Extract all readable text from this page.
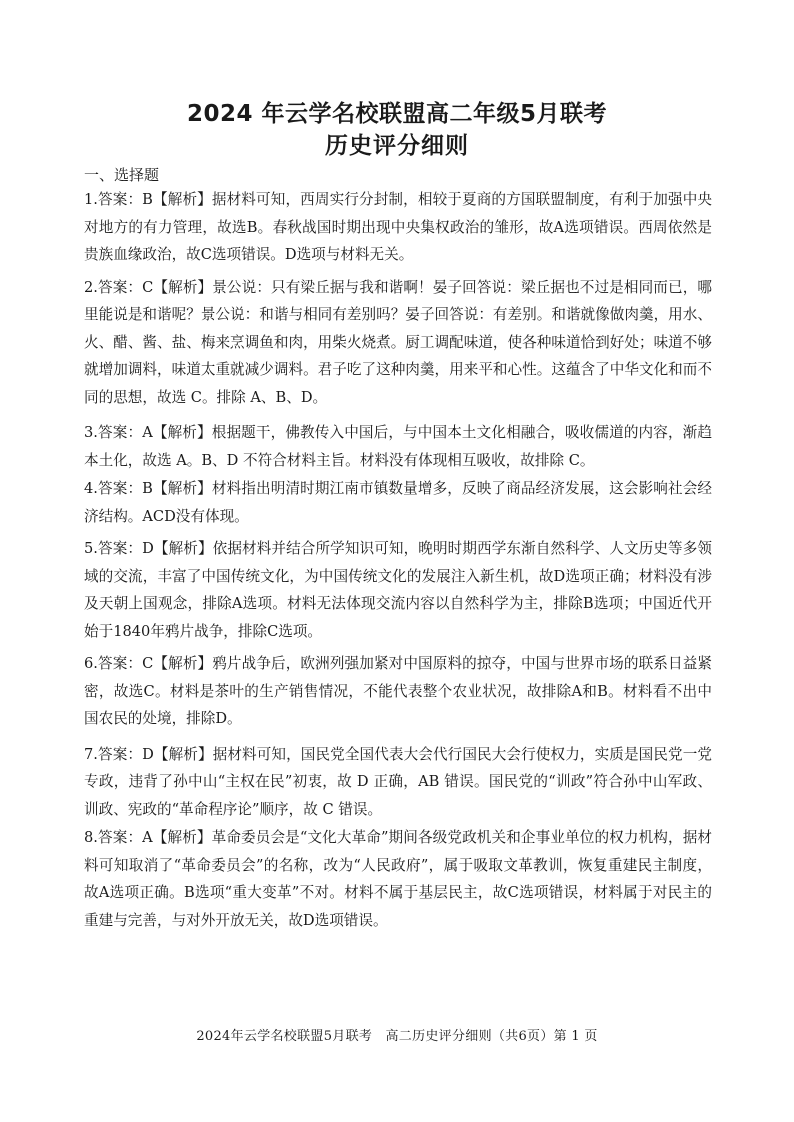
2024 年云学名校联盟高二年级5月联考
历史评分细则
一、选择题

1.答案：B【解析】据材料可知，西周实行分封制，相较于夏商的方国联盟制度，有利于加强中央对地方的有力管理，故选B。春秋战国时期出现中央集权政治的雏形，故A选项错误。西周依然是贵族血缘政治，故C选项错误。D选项与材料无关。

2.答案：C【解析】景公说：只有梁丘据与我和谐啊！晏子回答说：梁丘据也不过是相同而已，哪里能说是和谐呢？景公说：和谐与相同有差别吗？晏子回答说：有差别。和谐就像做肉羹，用水、火、醋、酱、盐、梅来烹调鱼和肉，用柴火烧煮。厨工调配味道，使各种味道恰到好处；味道不够就增加调料，味道太重就减少调料。君子吃了这种肉羹，用来平和心性。这蕴含了中华文化和而不同的思想，故选 C。排除 A、B、D。

3.答案：A【解析】根据题干，佛教传入中国后，与中国本土文化相融合，吸收儒道的内容，渐趋本土化，故选 A。B、D 不符合材料主旨。材料没有体现相互吸收，故排除 C。

4.答案：B【解析】材料指出明清时期江南市镇数量增多，反映了商品经济发展，这会影响社会经济结构。ACD没有体现。

5.答案：D【解析】依据材料并结合所学知识可知，晚明时期西学东渐自然科学、人文历史等多领域的交流，丰富了中国传统文化，为中国传统文化的发展注入新生机，故D选项正确；材料没有涉及天朝上国观念，排除A选项。材料无法体现交流内容以自然科学为主，排除B选项；中国近代开始于1840年鸦片战争，排除C选项。

6.答案：C【解析】鸦片战争后，欧洲列强加紧对中国原料的掠夺，中国与世界市场的联系日益紧密，故选C。材料是茶叶的生产销售情况，不能代表整个农业状况，故排除A和B。材料看不出中国农民的处境，排除D。

7.答案：D【解析】据材料可知，国民党全国代表大会代行国民大会行使权力，实质是国民党一党专政，违背了孙中山“主权在民”初衷，故 D 正确，AB 错误。国民党的“训政”符合孙中山军政、训政、宪政的“革命程序论”顺序，故 C 错误。

8.答案：A【解析】革命委员会是“文化大革命”期间各级党政机关和企事业单位的权力机构，据材料可知取消了“革命委员会”的名称，改为“人民政府”，属于吸取文革教训，恢复重建民主制度，故A选项正确。B选项“重大变革”不对。材料不属于基层民主，故C选项错误，材料属于对民主的重建与完善，与对外开放无关，故D选项错误。

2024年云学名校联盟5月联考　高二历史评分细则（共6页）第 1 页
